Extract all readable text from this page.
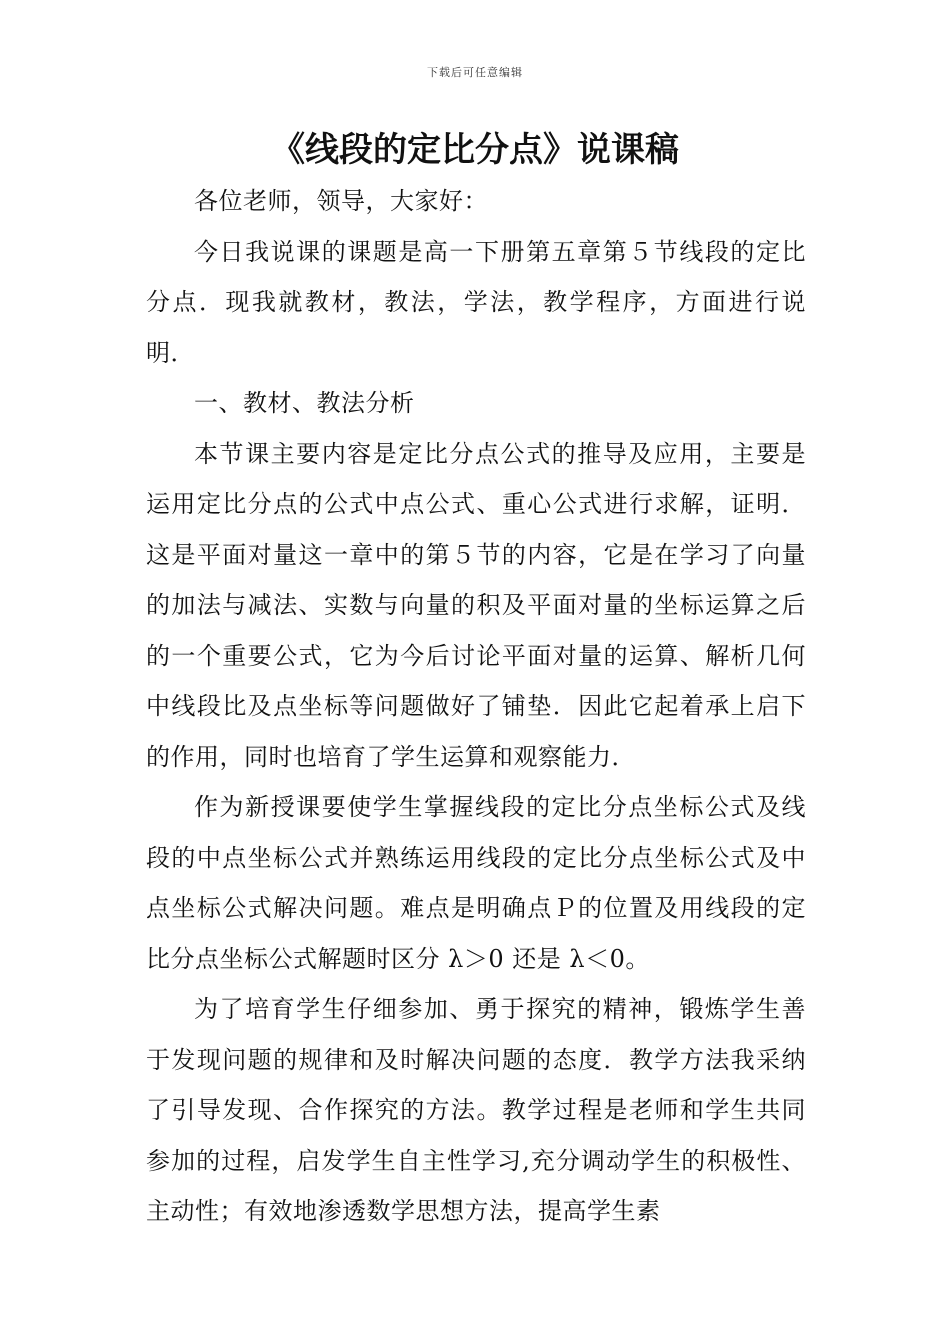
下载后可任意编辑
《线段的定比分点》说课稿

各位老师，领导，大家好：

今日我说课的课题是高一下册第五章第５节线段的定比分点．现我就教材，教法，学法，教学程序，方面进行说明．

一、教材、教法分析

本节课主要内容是定比分点公式的推导及应用，主要是运用定比分点的公式中点公式、重心公式进行求解，证明．这是平面对量这一章中的第５节的内容，它是在学习了向量的加法与减法、实数与向量的积及平面对量的坐标运算之后的一个重要公式，它为今后讨论平面对量的运算、解析几何中线段比及点坐标等问题做好了铺垫．因此它起着承上启下的作用，同时也培育了学生运算和观察能力．

作为新授课要使学生掌握线段的定比分点坐标公式及线段的中点坐标公式并熟练运用线段的定比分点坐标公式及中点坐标公式解决问题。难点是明确点Ｐ的位置及用线段的定比分点坐标公式解题时区分 λ＞0 还是 λ＜0。

为了培育学生仔细参加、勇于探究的精神，锻炼学生善于发现问题的规律和及时解决问题的态度．教学方法我采纳了引导发现、合作探究的方法。教学过程是老师和学生共同参加的过程，启发学生自主性学习,充分调动学生的积极性、主动性；有效地渗透数学思想方法，提高学生素
